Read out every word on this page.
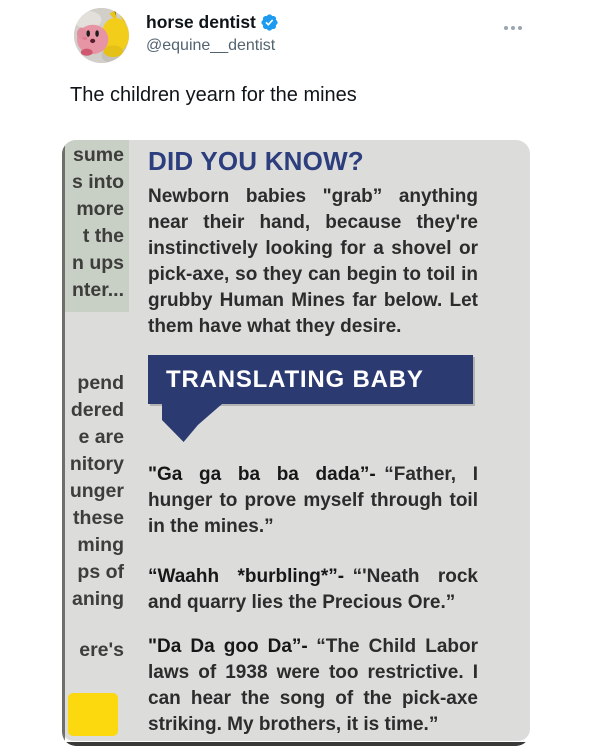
horse dentist
@equine__dentist
The children yearn for the mines
sume
s into
more
t the
n ups
nter...
pend
dered
e are
nitory
unger
these
ming
ps of
aning
ere's
DID YOU KNOW?
Newborn babies "grab” anything near their hand, because they're instinctively looking for a shovel or pick-axe, so they can begin to toil in grubby Human Mines far below. Let them have what they desire.
TRANSLATING BABY
"Ga ga ba ba dada”- “Father, I hunger to prove myself through toil in the mines.”
“Waahh *burbling*”- “'Neath rock and quarry lies the Precious Ore.”
"Da Da goo Da”- “The Child Labor laws of 1938 were too restrictive. I can hear the song of the pick-axe striking. My brothers, it is time.”
